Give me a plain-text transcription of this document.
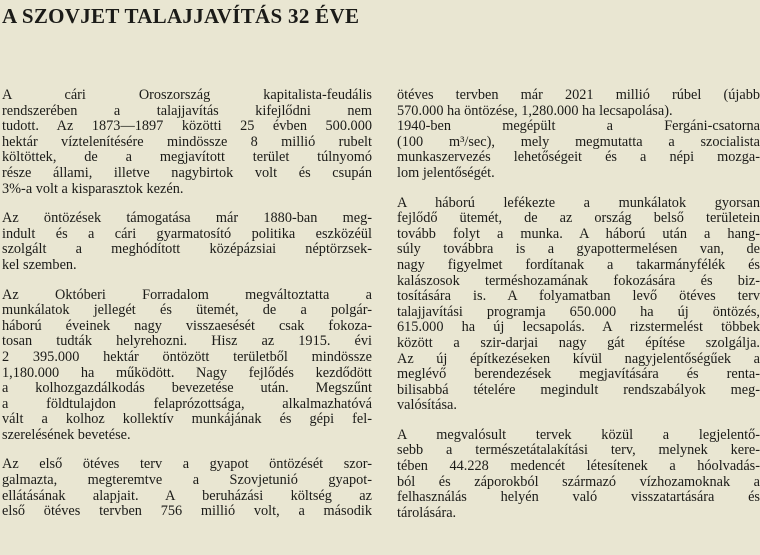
A SZOVJET TALAJJAVÍTÁS 32 ÉVE
A cári Oroszország kapitalista-feudális
rendszerében a talajjavítás kifejlődni nem
tudott. Az 1873—1897 közötti 25 évben 500.000
hektár víztelenítésére mindössze 8 millió rubelt
költöttek, de a megjavított terület túlnyomó
része állami, illetve nagybirtok volt és csupán
3%-a volt a kisparasztok kezén.
Az öntözések támogatása már 1880-ban meg-
indult és a cári gyarmatosító politika eszközéül
szolgált a meghódított középázsiai néptörzsek-
kel szemben.
Az Októberi Forradalom megváltoztatta a
munkálatok jellegét és ütemét, de a polgár-
háború éveinek nagy visszaesését csak fokoza-
tosan tudták helyrehozni. Hisz az 1915. évi
2 395.000 hektár öntözött területből mindössze
1,180.000 ha működött. Nagy fejlődés kezdődött
a kolhozgazdálkodás bevezetése után. Megszűnt
a földtulajdon felaprózottsága, alkalmazhatóvá
vált a kolhoz kollektív munkájának és gépi fel-
szerelésének bevetése.
Az első ötéves terv a gyapot öntözését szor-
galmazta, megteremtve a Szovjetunió gyapot-
ellátásának alapjait. A beruházási költség az
első ötéves tervben 756 millió volt, a második
ötéves tervben már 2021 millió rúbel (újabb
570.000 ha öntözése, 1,280.000 ha lecsapolása).
1940-ben megépült a Fergáni-csatorna
(100 m³/sec), mely megmutatta a szocialista
munkaszervezés lehetőségeit és a népi mozga-
lom jelentőségét.
A háború lefékezte a munkálatok gyorsan
fejlődő ütemét, de az ország belső területein
tovább folyt a munka. A háború után a hang-
súly továbbra is a gyapottermelésen van, de
nagy figyelmet fordítanak a takarmányfélék és
kalászosok terméshozamának fokozására és biz-
tosítására is. A folyamatban levő ötéves terv
talajjavítási programja 650.000 ha új öntözés,
615.000 ha új lecsapolás. A rizstermelést többek
között a szir-darjai nagy gát építése szolgálja.
Az új építkezéseken kívül nagyjelentőségűek a
meglévő berendezések megjavítására és renta-
bilisabbá tételére megindult rendszabályok meg-
valósítása.
A megvalósult tervek közül a legjelentő-
sebb a természetátalakítási terv, melynek kere-
tében 44.228 medencét létesítenek a hóolvadás-
ból és záporokból származó vízhozamoknak a
felhasználás helyén való visszatartására és
tárolására.
